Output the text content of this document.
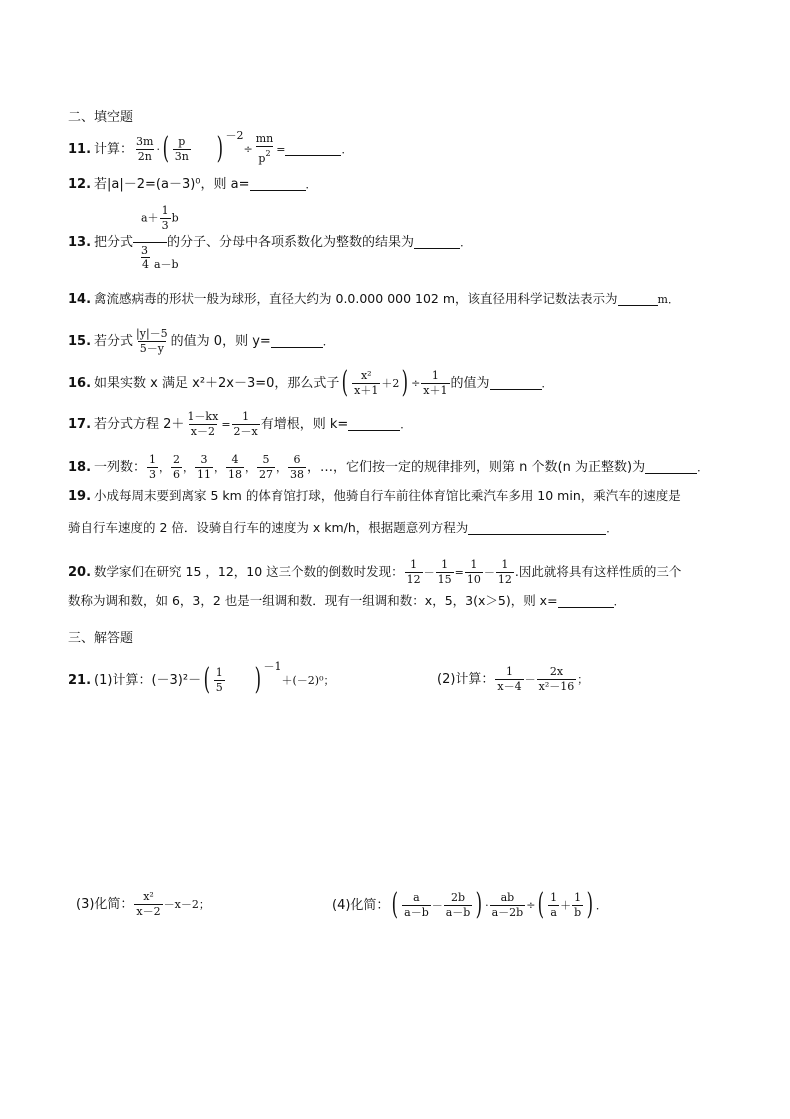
二、填空题
11. 计算： $\frac{3m}{2n}$ · ( $\frac{p}{3n}$ ) －2
÷ $\frac{mn}{p^2}$ =	．
12. 若|a|－2=(a－3)⁰，则 a=	．
$a+ \frac{1}{3}$ b
13. 把分式	的分子、分母中各项系数化为整数的结果为	．
3
4 a－b
14. 禽流感病毒的形状一般为球形，直径大约为 0.0.000 000 102 m，该直径用科学记数法表示为	m．
15. 若分式 $\frac{|y|-5}{5-y}$ 的值为 0，则 y=	．
16. 如果实数 x 满足 x²＋2x－3=0，那么式子 ( $\frac{\text{x²}}{x+1} +2$ ) ÷ $\frac{1}{x+1}$ 的值为	．
17. 若分式方程 $2+ \frac{1-kx}{x-2} = \frac{1}{2-x}$ 有增根，则 k=	．
18. 一列数： $\frac{1}{3}$ ， $\frac{2}{6}$ ， $\frac{3}{11}$ ， $\frac{4}{18}$ ， $\frac{5}{27}$ ， $\frac{6}{38}$ ，…，它们按一定的规律排列，则第 n 个数(n 为正整数)为	．
19. 小成每周末要到离家 5 km 的体育馆打球，他骑自行车前往体育馆比乘汽车多用 10 min，乘汽车的速度是
骑自行车速度的 2 倍．设骑自行车的速度为 x km/h，根据题意列方程为	．
20. 数学家们在研究 15 ，12，10 这三个数的倒数时发现： $\frac{1}{12} - \frac{1}{15} = \frac{1}{10} - \frac{1}{12}$ .因此就将具有这样性质的三个
数称为调和数，如 6，3，2 也是一组调和数．现有一组调和数：x，5，3(x＞5)，则 x=	．
三、解答题
21. (1)计算：(－3)²－ ( $\frac{1}{5}$ ) －1
＋(－2)⁰；	(2)计算： $\frac{1}{x-4} - \frac{2x}{\text{x²－16}}$ ；
(3)化简： $\frac{\text{x²}}{x-2} -x-2$；	(4)化简： ( $\frac{a}{a-b} - \frac{2b}{a-b}$ ) · $\frac{ab}{a-2b}$ ÷ ( $\frac{1}{a} + \frac{1}{b}$ ) ．
